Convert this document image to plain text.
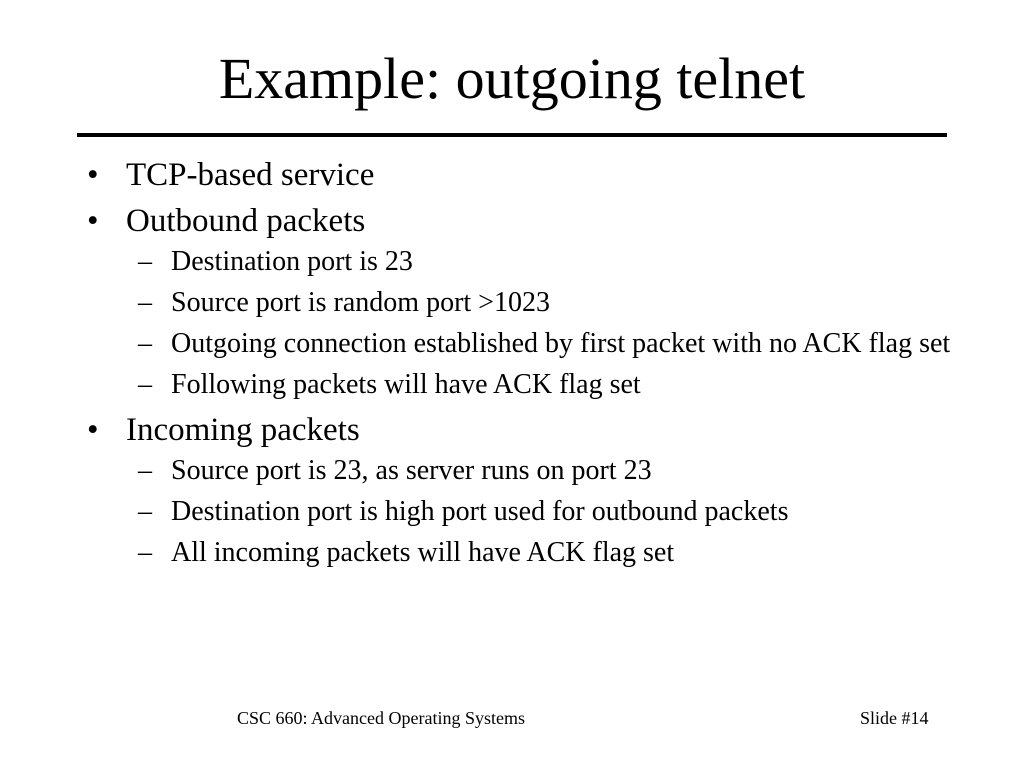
Example: outgoing telnet
• TCP-based service
• Outbound packets
– Destination port is 23
– Source port is random port >1023
– Outgoing connection established by first packet with no ACK flag set
– Following packets will have ACK flag set
• Incoming packets
– Source port is 23, as server runs on port 23
– Destination port is high port used for outbound packets
– All incoming packets will have ACK flag set
CSC 660: Advanced Operating Systems	Slide #14
